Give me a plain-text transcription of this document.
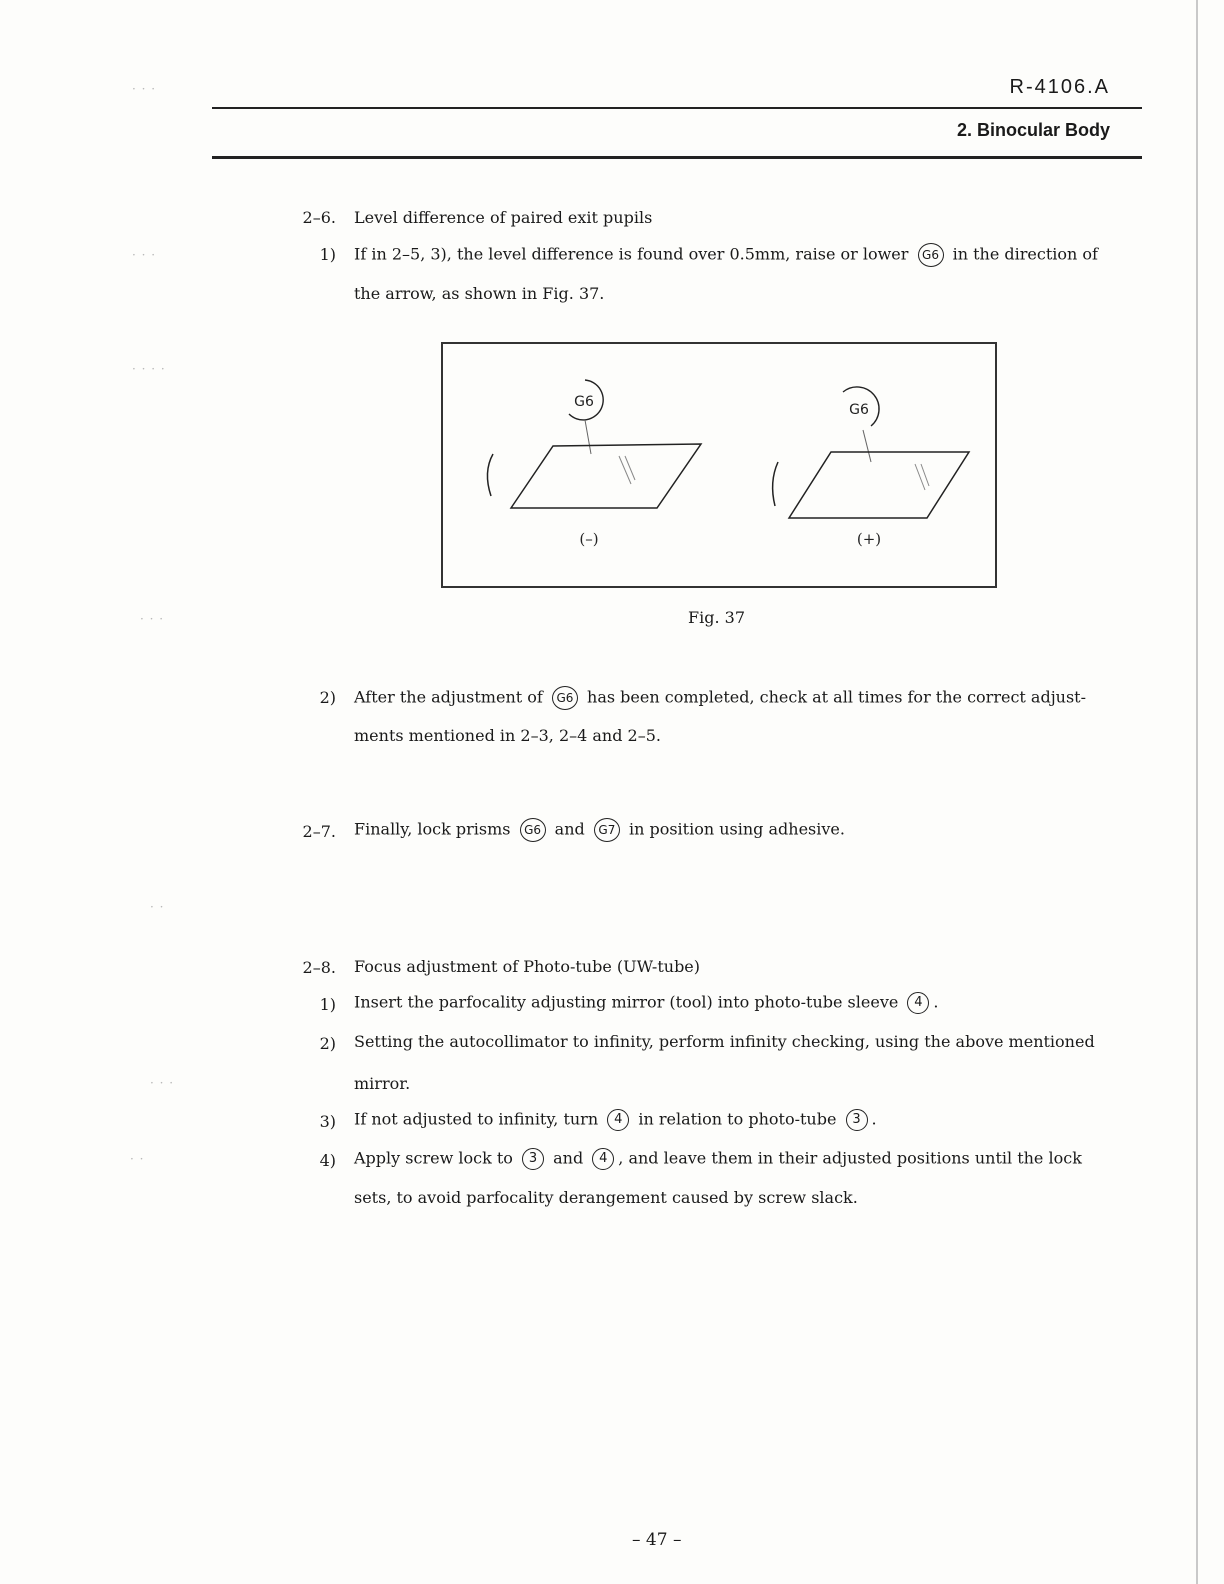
· · ·
· · ·
· · · ·
· · ·
· ·
· · ·
· ·
R-4106.A
2. Binocular Body
2–6. Level difference of paired exit pupils
1) If in 2–5, 3), the level difference is found over 0.5mm, raise or lower G6 in the direction of
the arrow, as shown in Fig. 37.
G6
(–)
G6
(+)
Fig. 37
2) After the adjustment of G6 has been completed, check at all times for the correct adjust-
ments mentioned in 2–3, 2–4 and 2–5.
2–7. Finally, lock prisms G6 and G7 in position using adhesive.
2–8. Focus adjustment of Photo-tube (UW-tube)
1) Insert the parfocality adjusting mirror (tool) into photo-tube sleeve 4 .
2) Setting the autocollimator to infinity, perform infinity checking, using the above mentioned
mirror.
3) If not adjusted to infinity, turn 4 in relation to photo-tube 3 .
4) Apply screw lock to 3 and 4 , and leave them in their adjusted positions until the lock
sets, to avoid parfocality derangement caused by screw slack.
– 47 –
